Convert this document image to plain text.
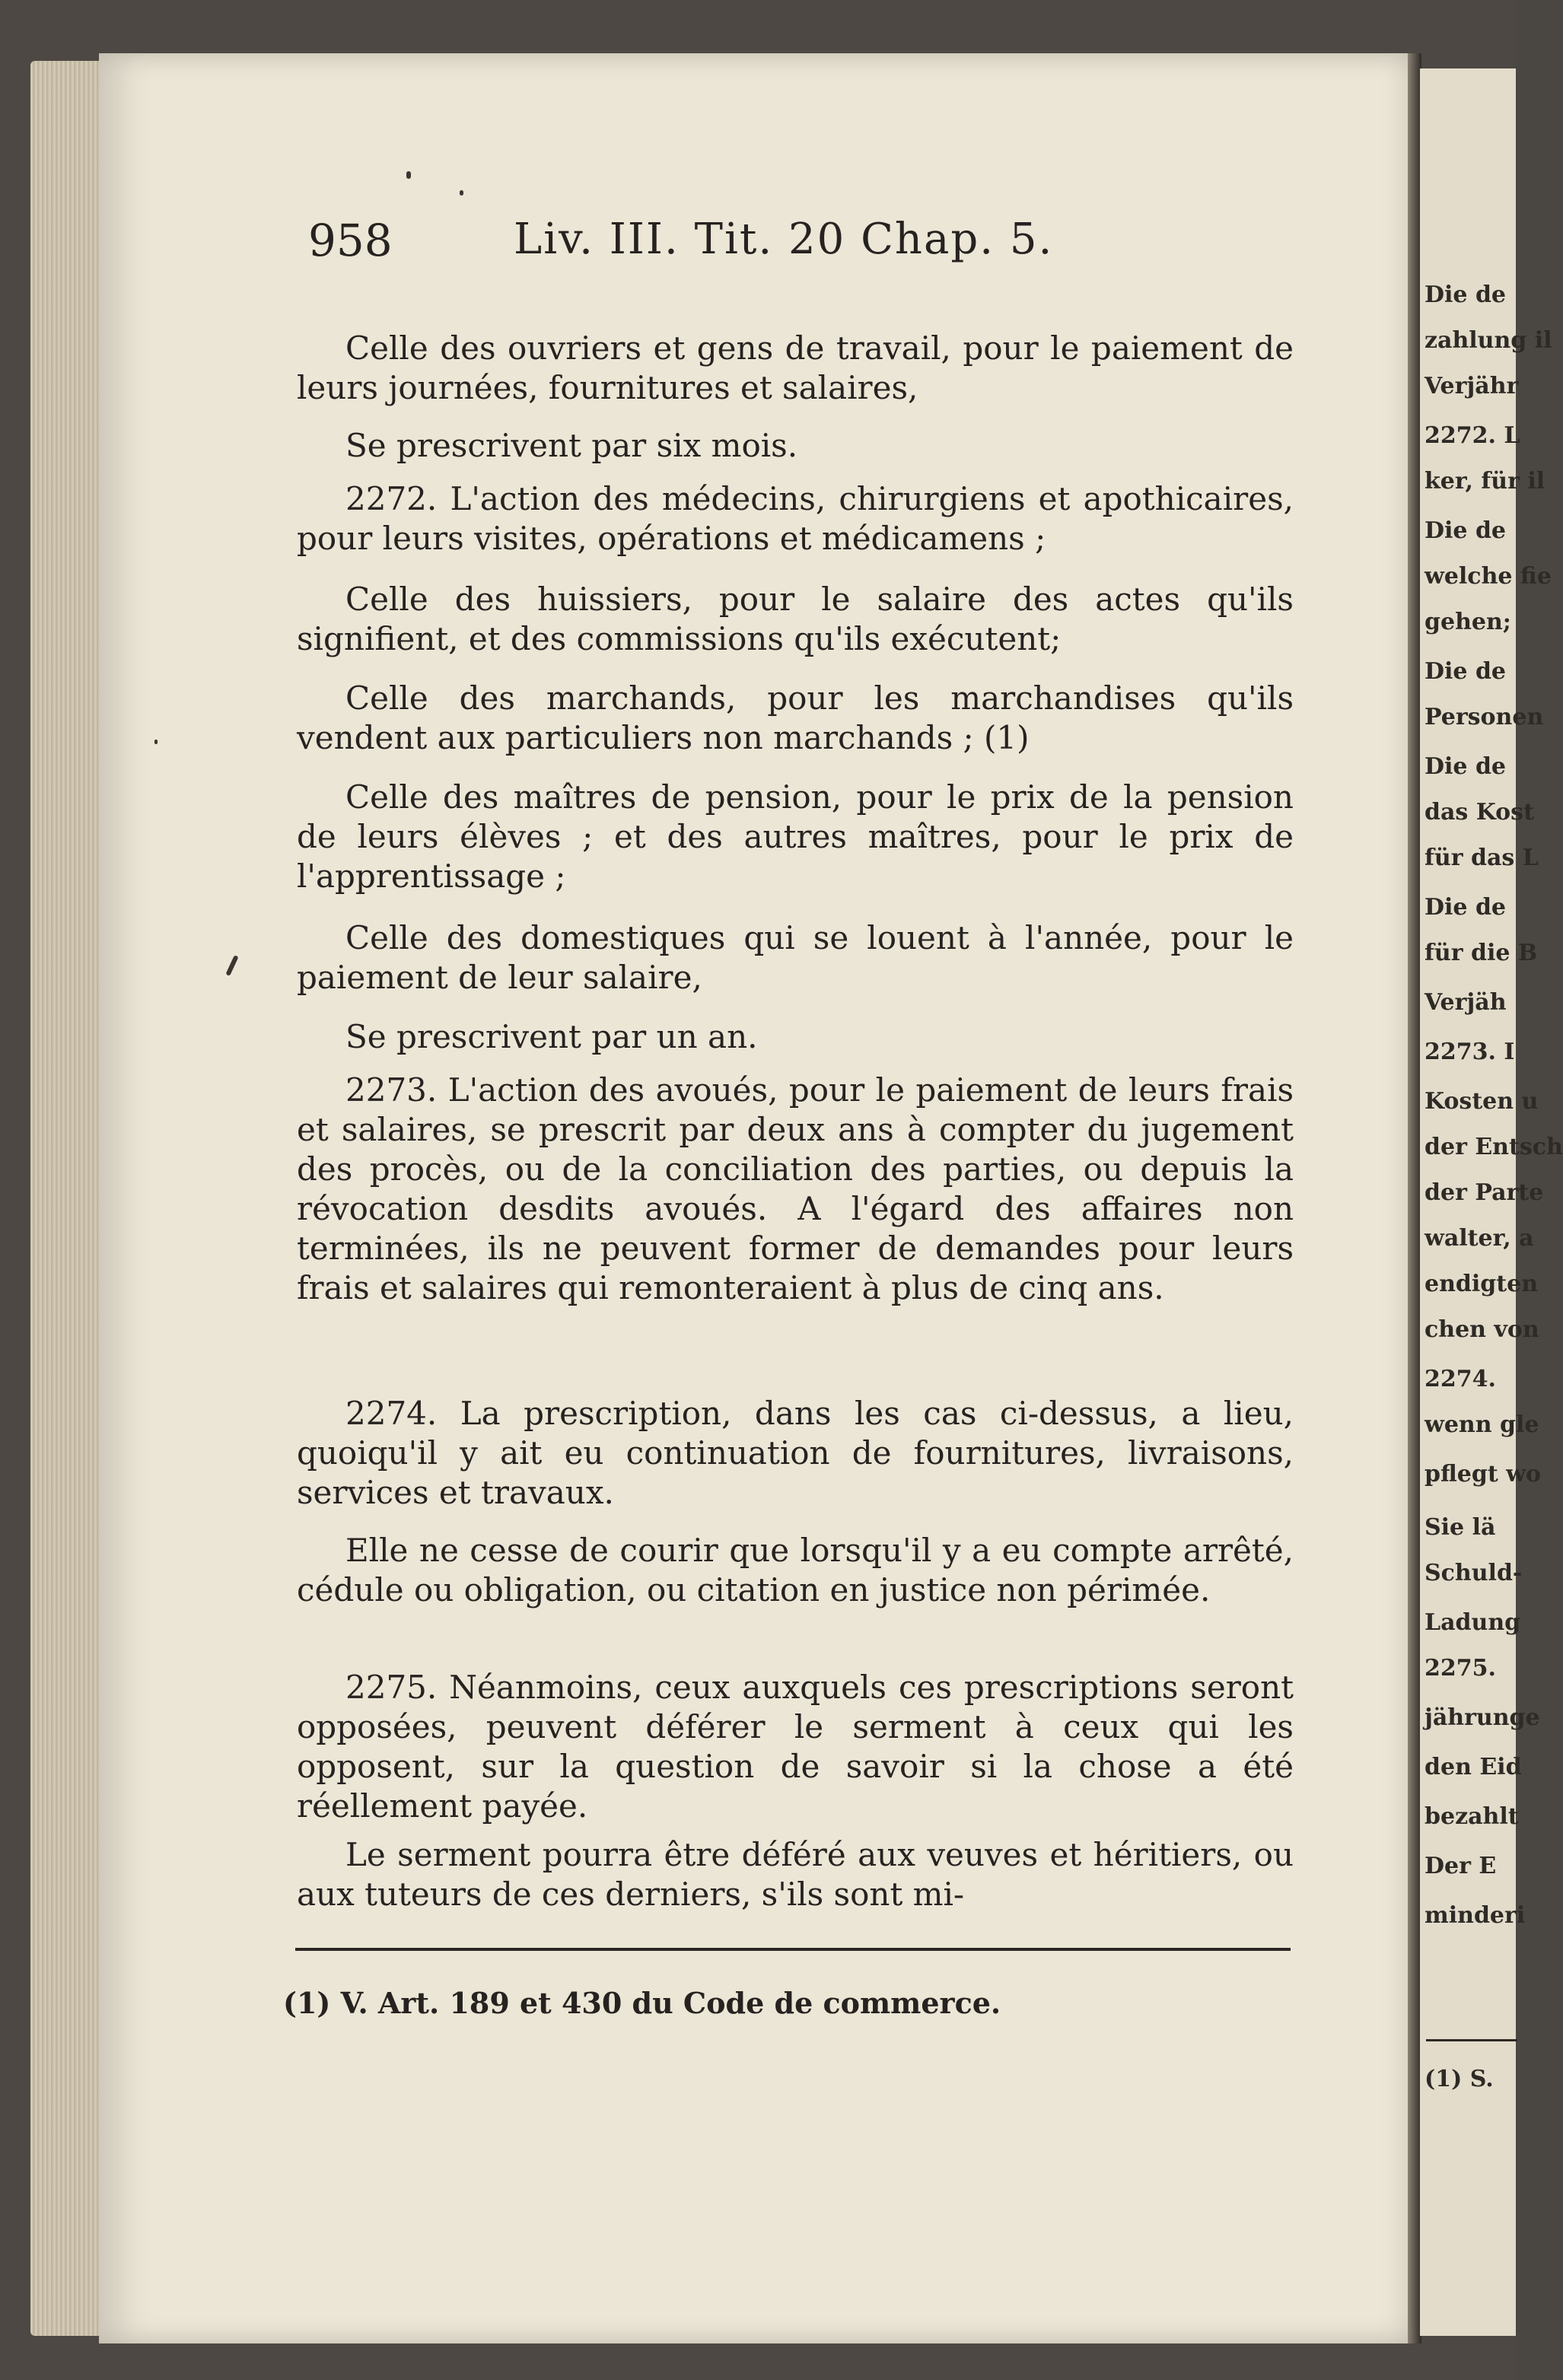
Die de
zahlung il
Verjähr
2272. L
ker, für il
Die de
welche fie
gehen;
Die de
Personen
Die de
das Kost
für das L
Die de
für die B
Verjäh
2273. I
Kosten u
der Entsch
der Parte
walter, a
endigten
chen von
2274.
wenn gle
pflegt wo
Sie lä
Schuld-
Ladung
2275.
jährunge
den Eid
bezahlt
Der E
minderi
(1) S.
958	Liv. III. Tit. 20 Chap. 5.

Celle des ouvriers et gens de travail, pour le paiement de leurs journées, fournitures et salaires,

Se prescrivent par six mois.

2272. L'action des médecins, chirurgiens et apothicaires, pour leurs visites, opérations et médicamens ;

Celle des huissiers, pour le salaire des actes qu'ils signifient, et des commissions qu'ils exécutent;

Celle des marchands, pour les marchandises qu'ils vendent aux particuliers non marchands ; (1)

Celle des maîtres de pension, pour le prix de la pension de leurs élèves ; et des autres maîtres, pour le prix de l'apprentissage ;

Celle des domestiques qui se louent à l'année, pour le paiement de leur salaire,

Se prescrivent par un an.

2273. L'action des avoués, pour le paiement de leurs frais et salaires, se prescrit par deux ans à compter du jugement des procès, ou de la conciliation des parties, ou depuis la révocation desdits avoués. A l'égard des affaires non terminées, ils ne peuvent former de demandes pour leurs frais et salaires qui remonteraient à plus de cinq ans.

2274. La prescription, dans les cas ci-dessus, a lieu, quoiqu'il y ait eu continuation de fournitures, livraisons, services et travaux.

Elle ne cesse de courir que lorsqu'il y a eu compte arrêté, cédule ou obligation, ou citation en justice non périmée.

2275. Néanmoins, ceux auxquels ces prescriptions seront opposées, peuvent déférer le serment à ceux qui les opposent, sur la question de savoir si la chose a été réellement payée.

Le serment pourra être déféré aux veuves et héritiers, ou aux tuteurs de ces derniers, s'ils sont mi-

(1) V. Art. 189 et 430 du Code de commerce.
